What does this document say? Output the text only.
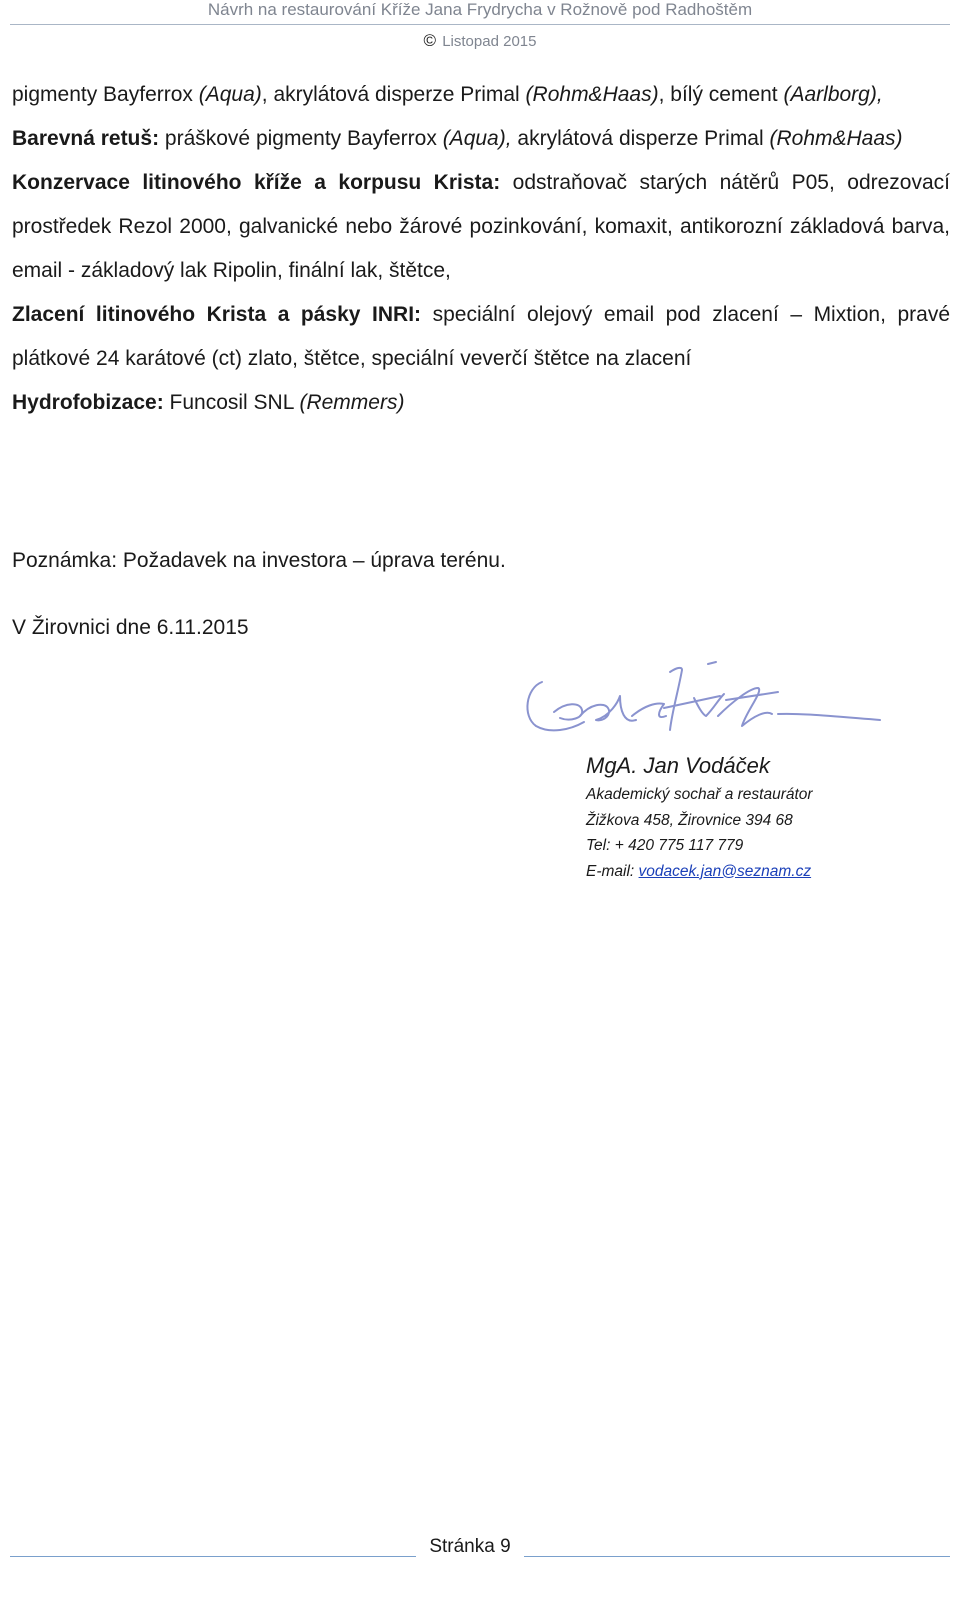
Návrh na restaurování Kříže Jana Frydrycha v Rožnově pod Radhoštěm
© Listopad 2015

pigmenty Bayferrox (Aqua), akrylátová disperze Primal (Rohm&Haas), bílý cement (Aarlborg),

Barevná retuš: práškové pigmenty Bayferrox (Aqua), akrylátová disperze Primal (Rohm&Haas)

Konzervace litinového kříže a korpusu Krista: odstraňovač starých nátěrů P05, odrezovací prostředek Rezol 2000, galvanické nebo žárové pozinkování, komaxit, antikorozní základová barva, email - základový lak Ripolin, finální lak, štětce,

Zlacení litinového Krista a pásky INRI: speciální olejový email pod zlacení – Mixtion, pravé plátkové 24 karátové (ct) zlato, štětce, speciální veverčí štětce na zlacení

Hydrofobizace: Funcosil SNL (Remmers)

Poznámka: Požadavek na investora – úprava terénu.
V Žirovnici dne 6.11.2015
MgA. Jan Vodáček
Akademický sochař a restaurátor
Žižkova 458, Žirovnice 394 68
Tel: + 420 775 117 779
E-mail: vodacek.jan@seznam.cz
Stránka 9
